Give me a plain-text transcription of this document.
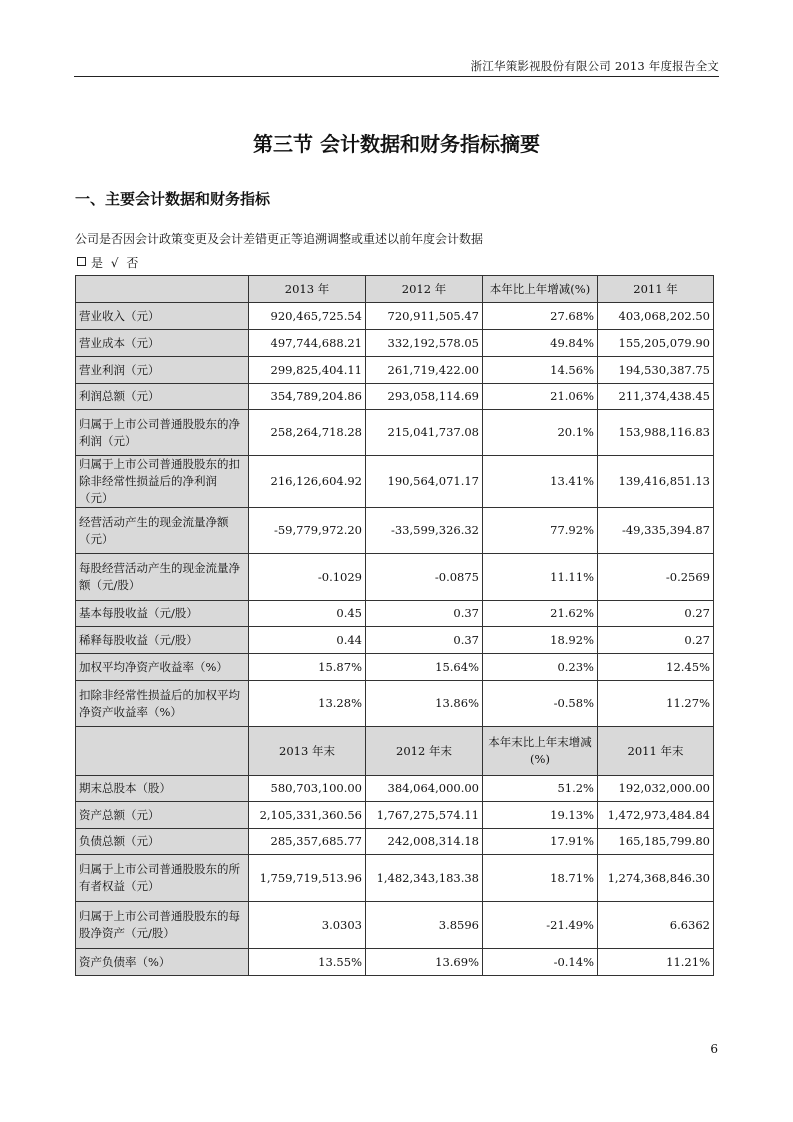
浙江华策影视股份有限公司 2013 年度报告全文
第三节 会计数据和财务指标摘要
一、主要会计数据和财务指标
公司是否因会计政策变更及会计差错更正等追溯调整或重述以前年度会计数据
是 √ 否
	2013 年	2012 年	本年比上年增减(%)	2011 年
营业收入（元）	920,465,725.54	720,911,505.47	27.68%	403,068,202.50
营业成本（元）	497,744,688.21	332,192,578.05	49.84%	155,205,079.90
营业利润（元）	299,825,404.11	261,719,422.00	14.56%	194,530,387.75
利润总额（元）	354,789,204.86	293,058,114.69	21.06%	211,374,438.45
归属于上市公司普通股股东的净利润（元）	258,264,718.28	215,041,737.08	20.1%	153,988,116.83
归属于上市公司普通股股东的扣除非经常性损益后的净利润（元）	216,126,604.92	190,564,071.17	13.41%	139,416,851.13
经营活动产生的现金流量净额（元）	-59,779,972.20	-33,599,326.32	77.92%	-49,335,394.87
每股经营活动产生的现金流量净额（元/股）	-0.1029	-0.0875	11.11%	-0.2569
基本每股收益（元/股）	0.45	0.37	21.62%	0.27
稀释每股收益（元/股）	0.44	0.37	18.92%	0.27
加权平均净资产收益率（%）	15.87%	15.64%	0.23%	12.45%
扣除非经常性损益后的加权平均净资产收益率（%）	13.28%	13.86%	-0.58%	11.27%
	2013 年末	2012 年末	本年末比上年末增减(%)	2011 年末
期末总股本（股）	580,703,100.00	384,064,000.00	51.2%	192,032,000.00
资产总额（元）	2,105,331,360.56	1,767,275,574.11	19.13%	1,472,973,484.84
负债总额（元）	285,357,685.77	242,008,314.18	17.91%	165,185,799.80
归属于上市公司普通股股东的所有者权益（元）	1,759,719,513.96	1,482,343,183.38	18.71%	1,274,368,846.30
归属于上市公司普通股股东的每股净资产（元/股）	3.0303	3.8596	-21.49%	6.6362
资产负债率（%）	13.55%	13.69%	-0.14%	11.21%
6
